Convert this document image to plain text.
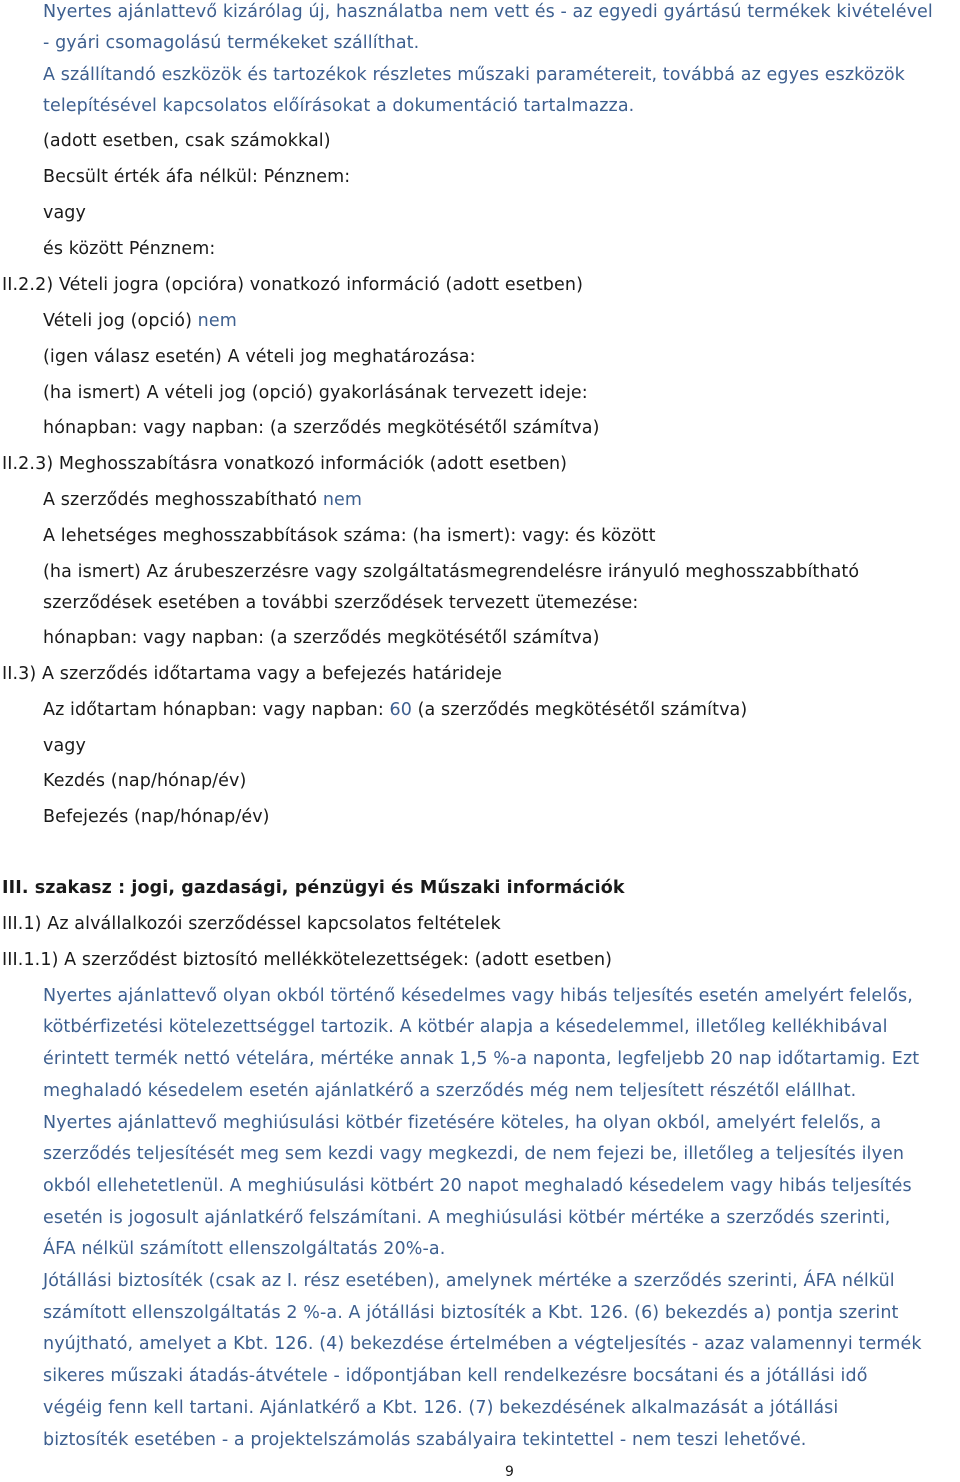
Nyertes ajánlattevő kizárólag új, használatba nem vett és - az egyedi gyártású termékek kivételével
- gyári csomagolású termékeket szállíthat.
A szállítandó eszközök és tartozékok részletes műszaki paramétereit, továbbá az egyes eszközök
telepítésével kapcsolatos előírásokat a dokumentáció tartalmazza.
(adott esetben, csak számokkal)
Becsült érték áfa nélkül: Pénznem:
vagy
és között Pénznem:
II.2.2) Vételi jogra (opcióra) vonatkozó információ (adott esetben)
Vételi jog (opció) nem
(igen válasz esetén) A vételi jog meghatározása:
(ha ismert) A vételi jog (opció) gyakorlásának tervezett ideje:
hónapban: vagy napban: (a szerződés megkötésétől számítva)
II.2.3) Meghosszabításra vonatkozó információk (adott esetben)
A szerződés meghosszabítható nem
A lehetséges meghosszabbítások száma: (ha ismert): vagy: és között
(ha ismert) Az árubeszerzésre vagy szolgáltatásmegrendelésre irányuló meghosszabbítható
szerződések esetében a további szerződések tervezett ütemezése:
hónapban: vagy napban: (a szerződés megkötésétől számítva)
II.3) A szerződés időtartama vagy a befejezés határideje
Az időtartam hónapban: vagy napban: 60 (a szerződés megkötésétől számítva)
vagy
Kezdés (nap/hónap/év)
Befejezés (nap/hónap/év)
III. szakasz : jogi, gazdasági, pénzügyi és Műszaki információk
III.1) Az alvállalkozói szerződéssel kapcsolatos feltételek
III.1.1) A szerződést biztosító mellékkötelezettségek: (adott esetben)
Nyertes ajánlattevő olyan okból történő késedelmes vagy hibás teljesítés esetén amelyért felelős,
kötbérfizetési kötelezettséggel tartozik. A kötbér alapja a késedelemmel, illetőleg kellékhibával
érintett termék nettó vételára, mértéke annak 1,5 %-a naponta, legfeljebb 20 nap időtartamig. Ezt
meghaladó késedelem esetén ajánlatkérő a szerződés még nem teljesített részétől elállhat.
Nyertes ajánlattevő meghiúsulási kötbér fizetésére köteles, ha olyan okból, amelyért felelős, a
szerződés teljesítését meg sem kezdi vagy megkezdi, de nem fejezi be, illetőleg a teljesítés ilyen
okból ellehetetlenül. A meghiúsulási kötbért 20 napot meghaladó késedelem vagy hibás teljesítés
esetén is jogosult ajánlatkérő felszámítani. A meghiúsulási kötbér mértéke a szerződés szerinti,
ÁFA nélkül számított ellenszolgáltatás 20%-a.
Jótállási biztosíték (csak az I. rész esetében), amelynek mértéke a szerződés szerinti, ÁFA nélkül
számított ellenszolgáltatás 2 %-a. A jótállási biztosíték a Kbt. 126. (6) bekezdés a) pontja szerint
nyújtható, amelyet a Kbt. 126. (4) bekezdése értelmében a végteljesítés - azaz valamennyi termék
sikeres műszaki átadás-átvétele - időpontjában kell rendelkezésre bocsátani és a jótállási idő
végéig fenn kell tartani. Ajánlatkérő a Kbt. 126. (7) bekezdésének alkalmazását a jótállási
biztosíték esetében - a projektelszámolás szabályaira tekintettel - nem teszi lehetővé.
9
